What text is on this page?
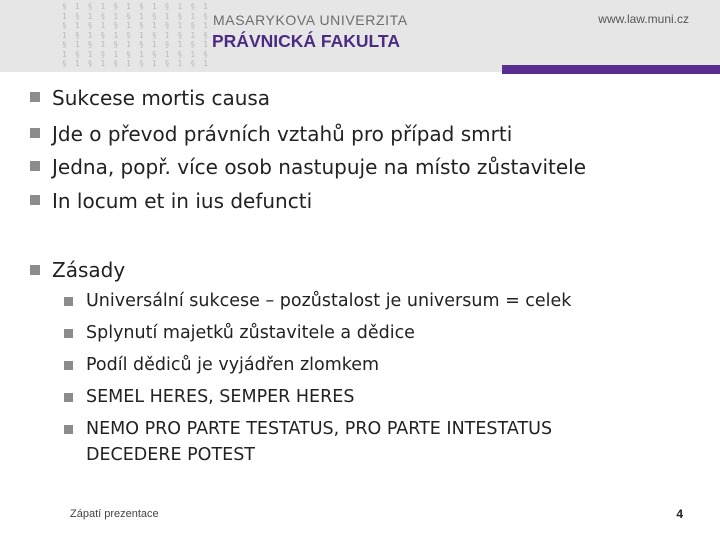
§ 1 § 1 § 1 § 1 § 1 § 1
1 § 1 § 1 § 1 § 1 § 1 §
§ 1 § 1 § 1 § 1 § 1 § 1
1 § 1 § 1 § 1 § 1 § 1 §
§ 1 § 1 § 1 § 1 § 1 § 1
1 § 1 § 1 § 1 § 1 § 1 §
§ 1 § 1 § 1 § 1 § 1 § 1
MASARYKOVA UNIVERZITA
PRÁVNICKÁ FAKULTA
www.law.muni.cz
Sukcese mortis causa
Jde o převod právních vztahů pro případ smrti
Jedna, popř. více osob nastupuje na místo zůstavitele
In locum et in ius defuncti
Zásady
Universální sukcese – pozůstalost je universum = celek
Splynutí majetků zůstavitele a dědice
Podíl dědiců je vyjádřen zlomkem
SEMEL HERES, SEMPER HERES
NEMO PRO PARTE TESTATUS, PRO PARTE INTESTATUS
DECEDERE POTEST
Zápatí prezentace	4
